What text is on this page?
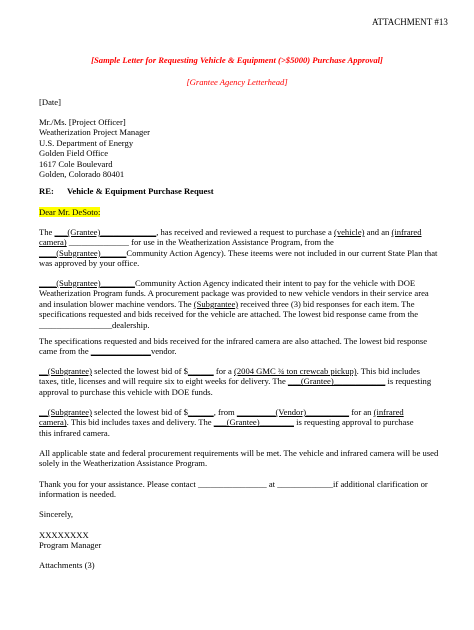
ATTACHMENT #13
[Sample Letter for Requesting Vehicle & Equipment (>$5000) Purchase Approval]
[Grantee Agency Letterhead]
[Date]

Mr./Ms. [Project Officer]

Weatherization Project Manager

U.S. Department of Energy

Golden Field Office

1617 Cole Boulevard

Golden, Colorado 80401

RE: Vehicle & Equipment Purchase Request
Dear Mr. DeSoto:

The ___(Grantee)_____________, has received and reviewed a request to purchase a (vehicle) and an (infrared

camera) ______________ for use in the Weatherization Assistance Program, from the

____(Subgrantee)______Community Action Agency). These iteems were not included in our current State Plan that

was approved by your office.

____(Subgrantee)________Community Action Agency indicated their intent to pay for the vehicle with DOE

Weatherization Program funds. A procurement package was provided to new vehicle vendors in their service area

and insulation blower machine vendors. The (Subgrantee) received three (3) bid responses for each item. The

specifications requested and bids received for the vehicle are attached. The lowest bid response came from the

_________________dealership.

The specifications requested and bids received for the infrared camera are also attached. The lowest bid response

came from the ______________vendor.

__(Subgrantee) selected the lowest bid of $______ for a (2004 GMC ¾ ton crewcab pickup). This bid includes

taxes, title, licenses and will require six to eight weeks for delivery. The ___(Grantee)____________ is requesting

approval to purchase this vehicle with DOE funds.

__(Subgrantee) selected the lowest bid of $______, from _________(Vendor)__________ for an (infrared

camera). This bid includes taxes and delivery. The ___(Grantee)________ is requesting approval to purchase

this infrared camera.

All applicable state and federal procurement requirements will be met. The vehicle and infrared camera will be used

solely in the Weatherization Assistance Program.

Thank you for your assistance. Please contact ________________ at _____________if additional clarification or

information is needed.

Sincerely,

XXXXXXXX

Program Manager

Attachments (3)
